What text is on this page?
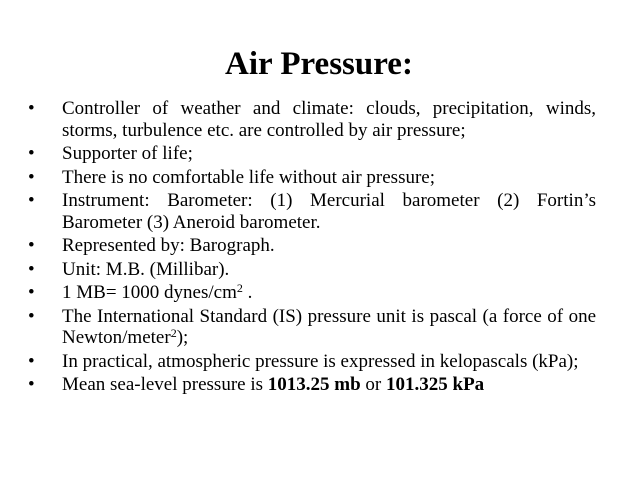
Air Pressure:
•	Controller of weather and climate: clouds, precipitation, winds, storms, turbulence etc. are controlled by air pressure;
•	Supporter of life;
•	There is no comfortable life without air pressure;
•	Instrument: Barometer: (1) Mercurial barometer (2) Fortin’s Barometer (3) Aneroid barometer.
•	Represented by: Barograph.
•	Unit: M.B. (Millibar).
•	1 MB= 1000 dynes/$cm^2$ .
•	The International Standard (IS) pressure unit is pascal (a force of one Newton/meter$^2$);
•	In practical, atmospheric pressure is expressed in kelopascals (kPa);
•	Mean sea-level pressure is 1013.25 mb or 101.325 kPa
